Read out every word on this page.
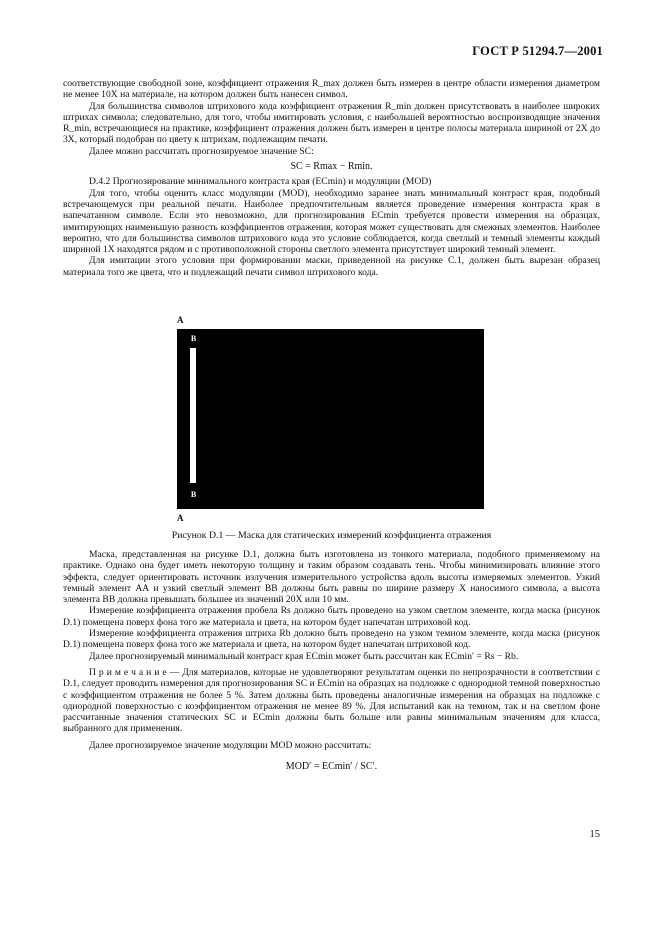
ГОСТ Р 51294.7—2001

соответствующие свободной зоне, коэффициент отражения R_max должен быть измерен в центре области измерения диаметром не менее 10X на материале, на котором должен быть нанесен символ.

Для большинства символов штрихового кода коэффициент отражения R_min должен присутствовать в наиболее широких штрихах символа; следовательно, для того, чтобы имитировать условия, с наибольшей вероятностью воспроизводящие значения R_min, встречающиеся на практике, коэффициент отражения должен быть измерен в центре полосы материала шириной от 2X до 3X, который подобран по цвету к штрихам, подлежащим печати.

Далее можно рассчитать прогнозируемое значение SC:

SC = Rmax − Rmin.

D.4.2 Прогнозирование минимального контраста края (ECmin) и модуляции (MOD)

Для того, чтобы оценить класс модуляции (MOD), необходимо заранее знать минимальный контраст края, подобный встречающемуся при реальной печати. Наиболее предпочтительным является проведение измерения контраста края в напечатанном символе. Если это невозможно, для прогнозирования ECmin требуется провести измерения на образцах, имитирующих наименьшую разность коэффициентов отражения, которая может существовать для смежных элементов. Наиболее вероятно, что для большинства символов штрихового кода это условие соблюдается, когда светлый и темный элементы каждый шириной 1X находятся рядом и с противоположной стороны светлого элемента присутствует широкий темный элемент.

Для имитации этого условия при формировании маски, приведенной на рисунке С.1, должен быть вырезан образец материала того же цвета, что и подлежащий печати символ штрихового кода.

A
B
B
A
Рисунок D.1 — Маска для статических измерений коэффициента отражения

Маска, представленная на рисунке D.1, должна быть изготовлена из тонкого материала, подобного применяемому на практике. Однако она будет иметь некоторую толщину и таким образом создавать тень. Чтобы минимизировать влияние этого эффекта, следует ориентировать источник излучения измерительного устройства вдоль высоты измеряемых элементов. Узкий темный элемент АА и узкий светлый элемент ВВ должны быть равны по ширине размеру X наносимого символа, а высота элемента ВВ должна превышать большее из значений 20X или 10 мм.

Измерение коэффициента отражения пробела Rs должно быть проведено на узком светлом элементе, когда маска (рисунок D.1) помещена поверх фона того же материала и цвета, на котором будет напечатан штриховой код.

Измерение коэффициента отражения штриха Rb должно быть проведено на узком темном элементе, когда маска (рисунок D.1) помещена поверх фона того же материала и цвета, на котором будет напечатан штриховой код.

Далее прогнозируемый минимальный контраст края ECmin может быть рассчитан как ECmin′ = Rs − Rb.

П р и м е ч а н и е — Для материалов, которые не удовлетворяют результатам оценки по непрозрачности в соответствии с D.1, следует проводить измерения для прогнозирования SC и ECmin на образцах на подложке с однородной темной поверхностью с коэффициентом отражения не более 5 %. Затем должны быть проведены аналогичные измерения на образцах на подложке с однородной поверхностью с коэффициентом отражения не менее 89 %. Для испытаний как на темном, так и на светлом фоне рассчитанные значения статических SC и ECmin должны быть больше или равны минимальным значениям для класса, выбранного для применения.

Далее прогнозируемое значение модуляции MOD можно рассчитать:

MOD′ = ECmin′ / SC′.

15
